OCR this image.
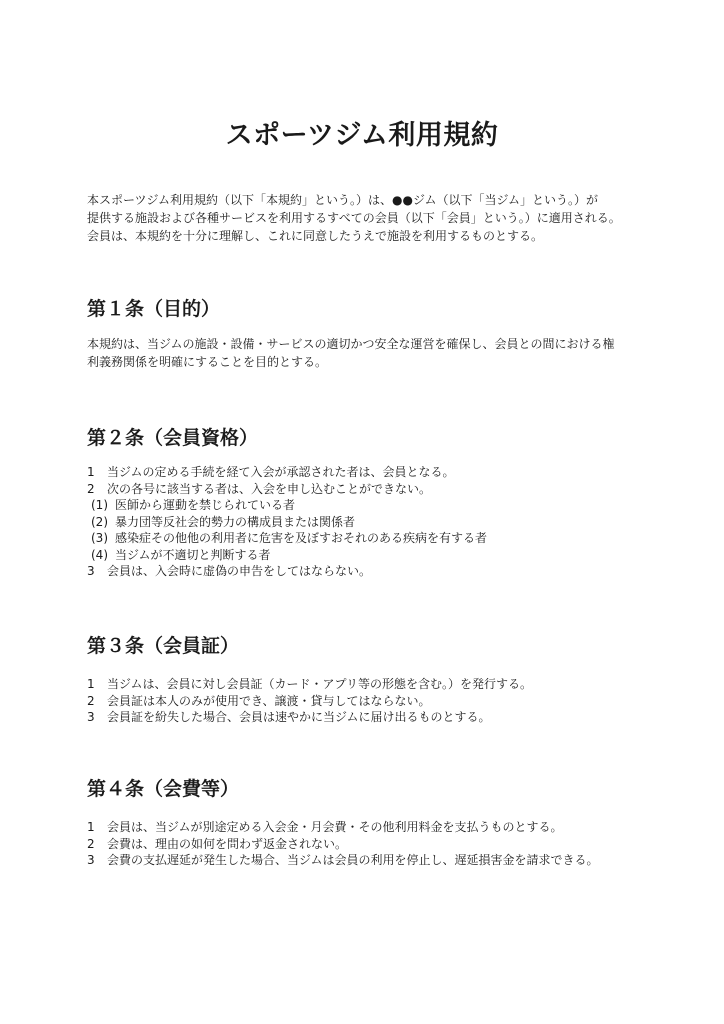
スポーツジム利用規約

本スポーツジム利用規約（以下「本規約」という。）は、●●ジム（以下「当ジム」という。）が
提供する施設および各種サービスを利用するすべての会員（以下「会員」という。）に適用される。
会員は、本規約を十分に理解し、これに同意したうえで施設を利用するものとする。

第１条（目的）

本規約は、当ジムの施設・設備・サービスの適切かつ安全な運営を確保し、会員との間における権
利義務関係を明確にすることを目的とする。

第２条（会員資格）
1 当ジムの定める手続を経て入会が承認された者は、会員となる。
2 次の各号に該当する者は、入会を申し込むことができない。
(1) 医師から運動を禁じられている者
(2) 暴力団等反社会的勢力の構成員または関係者
(3) 感染症その他他の利用者に危害を及ぼすおそれのある疾病を有する者
(4) 当ジムが不適切と判断する者
3 会員は、入会時に虚偽の申告をしてはならない。
第３条（会員証）
1 当ジムは、会員に対し会員証（カード・アプリ等の形態を含む。）を発行する。
2 会員証は本人のみが使用でき、譲渡・貸与してはならない。
3 会員証を紛失した場合、会員は速やかに当ジムに届け出るものとする。
第４条（会費等）
1 会員は、当ジムが別途定める入会金・月会費・その他利用料金を支払うものとする。
2 会費は、理由の如何を問わず返金されない。
3 会費の支払遅延が発生した場合、当ジムは会員の利用を停止し、遅延損害金を請求できる。
